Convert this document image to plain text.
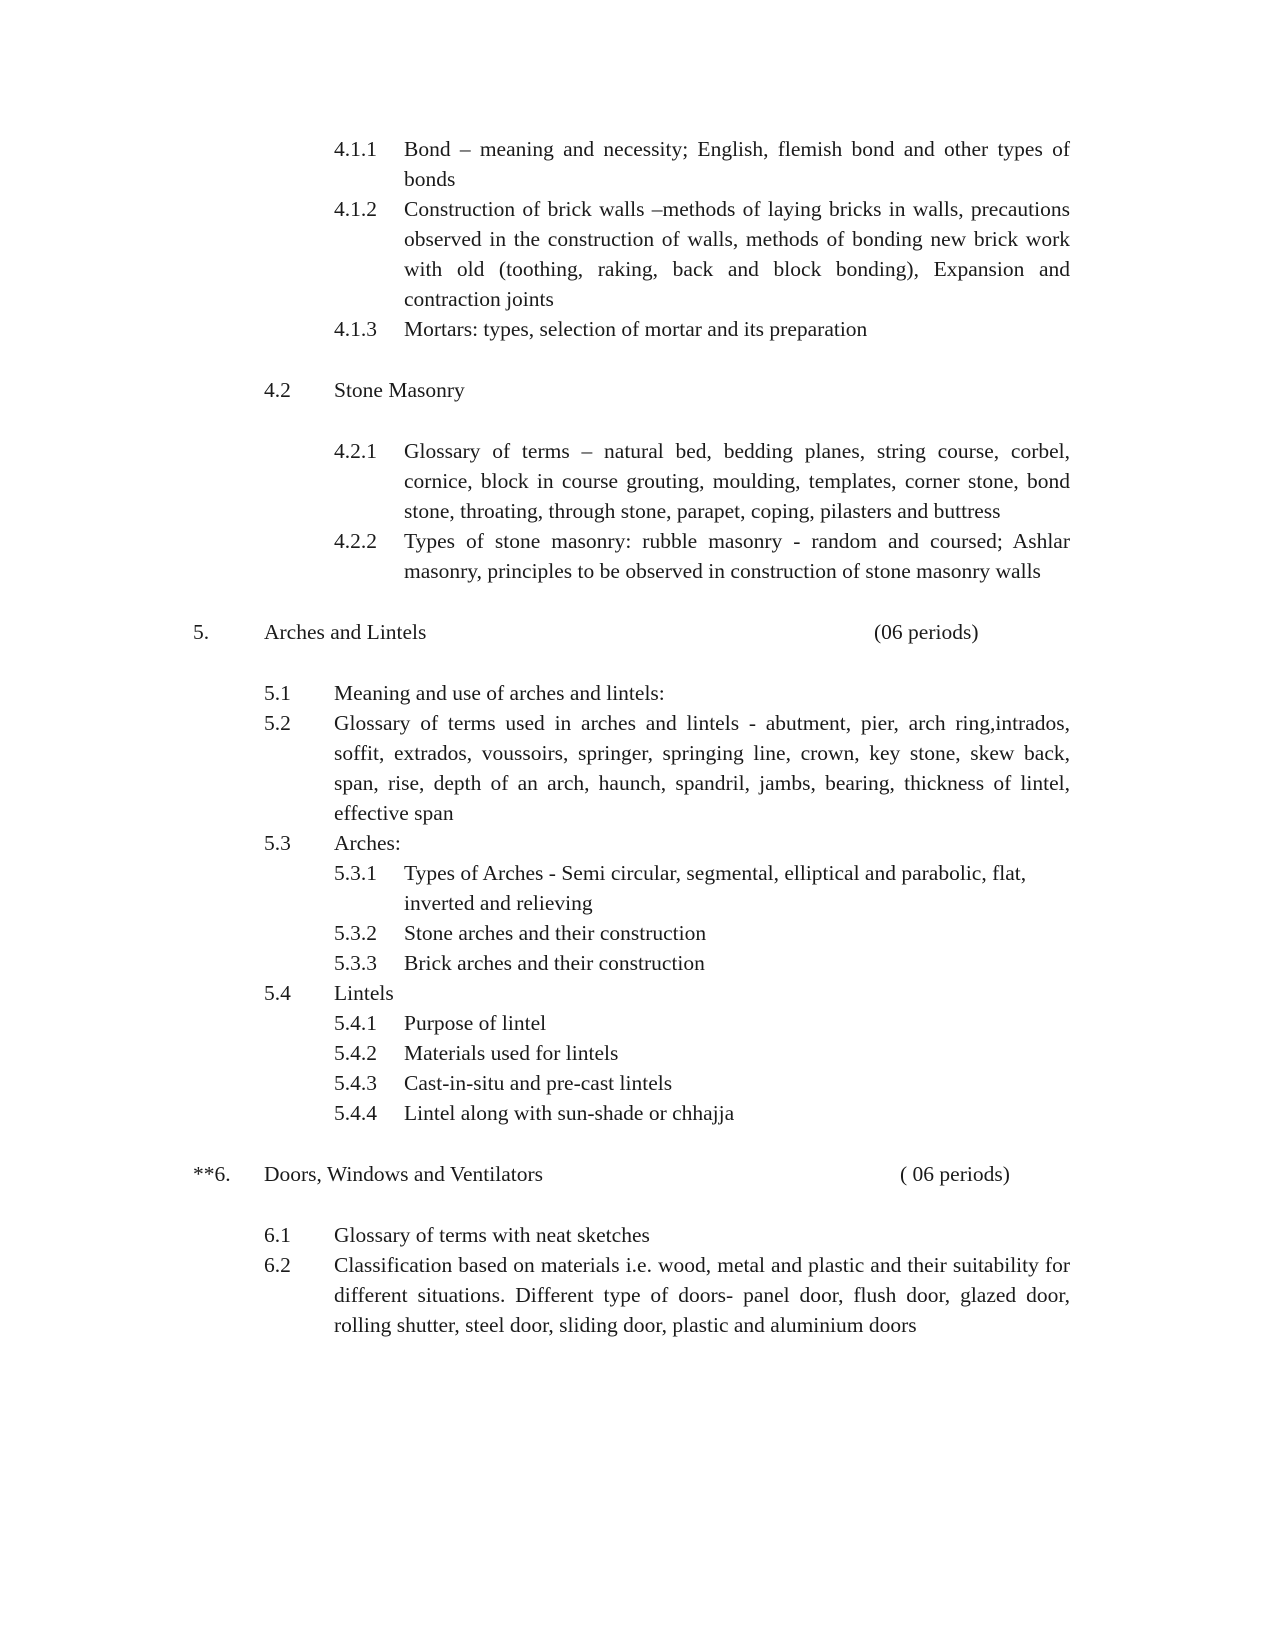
4.1.1 Bond – meaning and necessity; English, flemish bond and other types of bonds
4.1.2 Construction of brick walls –methods of laying bricks in walls, precautions observed in the construction of walls, methods of bonding new brick work with old (toothing, raking, back and block bonding), Expansion and contraction joints
4.1.3 Mortars: types, selection of mortar and its preparation
4.2 Stone Masonry
4.2.1 Glossary of terms – natural bed, bedding planes, string course, corbel, cornice, block in course grouting, moulding, templates, corner stone, bond stone, throating, through stone, parapet, coping, pilasters and buttress
4.2.2 Types of stone masonry: rubble masonry - random and coursed; Ashlar masonry, principles to be observed in construction of stone masonry walls
5.	Arches and Lintels	(06 periods)
5.1 Meaning and use of arches and lintels:
5.2 Glossary of terms used in arches and lintels - abutment, pier, arch ring,intrados, soffit, extrados, voussoirs, springer, springing line, crown, key stone, skew back, span, rise, depth of an arch, haunch, spandril, jambs, bearing, thickness of lintel, effective span
5.3 Arches:
5.3.1 Types of Arches - Semi circular, segmental, elliptical and parabolic, flat, inverted and relieving
5.3.2 Stone arches and their construction
5.3.3 Brick arches and their construction
5.4 Lintels
5.4.1 Purpose of lintel
5.4.2 Materials used for lintels
5.4.3 Cast-in-situ and pre-cast lintels
5.4.4 Lintel along with sun-shade or chhajja
**6. Doors, Windows and Ventilators	( 06 periods)
6.1 Glossary of terms with neat sketches
6.2 Classification based on materials i.e. wood, metal and plastic and their suitability for different situations. Different type of doors- panel door, flush door, glazed door, rolling shutter, steel door, sliding door, plastic and aluminium doors
